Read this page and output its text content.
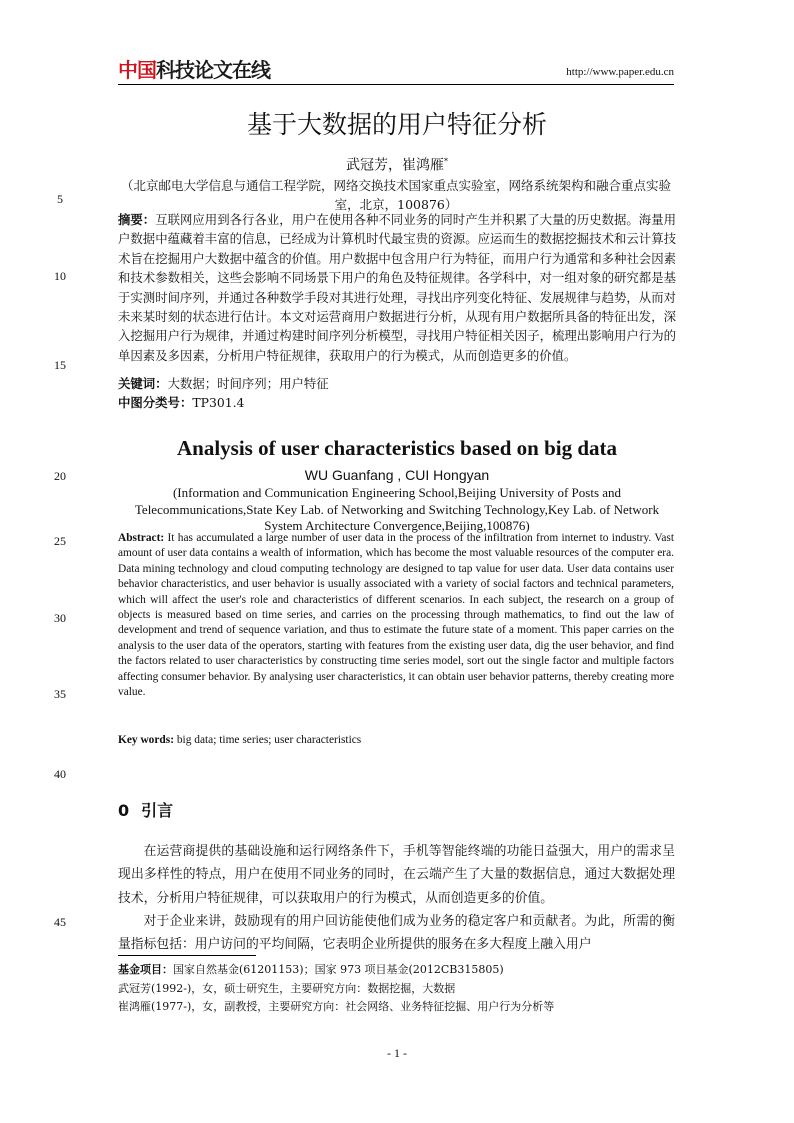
中国科技论文在线	http://www.paper.edu.cn
基于大数据的用户特征分析
武冠芳，崔鸿雁*
（北京邮电大学信息与通信工程学院，网络交换技术国家重点实验室，网络系统架构和融合重点实验室，北京，100876）
摘要：互联网应用到各行各业，用户在使用各种不同业务的同时产生并积累了大量的历史数据。海量用户数据中蕴藏着丰富的信息，已经成为计算机时代最宝贵的资源。应运而生的数据挖掘技术和云计算技术旨在挖掘用户大数据中蕴含的价值。用户数据中包含用户行为特征，而用户行为通常和多种社会因素和技术参数相关，这些会影响不同场景下用户的角色及特征规律。各学科中，对一组对象的研究都是基于实测时间序列，并通过各种数学手段对其进行处理，寻找出序列变化特征、发展规律与趋势，从而对未来某时刻的状态进行估计。本文对运营商用户数据进行分析，从现有用户数据所具备的特征出发，深入挖掘用户行为规律，并通过构建时间序列分析模型，寻找用户特征相关因子，梳理出影响用户行为的单因素及多因素，分析用户特征规律，获取用户的行为模式，从而创造更多的价值。
关键词：大数据；时间序列；用户特征
中图分类号：TP301.4
Analysis of user characteristics based on big data
WU Guanfang , CUI Hongyan
(Information and Communication Engineering School,Beijing University of Posts and Telecommunications,State Key Lab. of Networking and Switching Technology,Key Lab. of Network System Architecture Convergence,Beijing,100876)
Abstract: It has accumulated a large number of user data in the process of the infiltration from internet to industry. Vast amount of user data contains a wealth of information, which has become the most valuable resources of the computer era. Data mining technology and cloud computing technology are designed to tap value for user data. User data contains user behavior characteristics, and user behavior is usually associated with a variety of social factors and technical parameters, which will affect the user's role and characteristics of different scenarios. In each subject, the research on a group of objects is measured based on time series, and carries on the processing through mathematics, to find out the law of development and trend of sequence variation, and thus to estimate the future state of a moment. This paper carries on the analysis to the user data of the operators, starting with features from the existing user data, dig the user behavior, and find the factors related to user characteristics by constructing time series model, sort out the single factor and multiple factors affecting consumer behavior. By analysing user characteristics, it can obtain user behavior patterns, thereby creating more value.
Key words: big data; time series; user characteristics
0 引言

在运营商提供的基础设施和运行网络条件下，手机等智能终端的功能日益强大，用户的需求呈现出多样性的特点，用户在使用不同业务的同时，在云端产生了大量的数据信息，通过大数据处理技术，分析用户特征规律，可以获取用户的行为模式，从而创造更多的价值。

对于企业来讲，鼓励现有的用户回访能使他们成为业务的稳定客户和贡献者。为此，所需的衡量指标包括：用户访问的平均间隔，它表明企业所提供的服务在多大程度上融入用户

基金项目：国家自然基金(61201153)；国家 973 项目基金(2012CB315805)
武冠芳(1992-)，女，硕士研究生，主要研究方向：数据挖掘，大数据
崔鸿雁(1977-)，女，副教授，主要研究方向：社会网络、业务特征挖掘、用户行为分析等
- 1 -
5
10
15
20
25
30
35
40
45
